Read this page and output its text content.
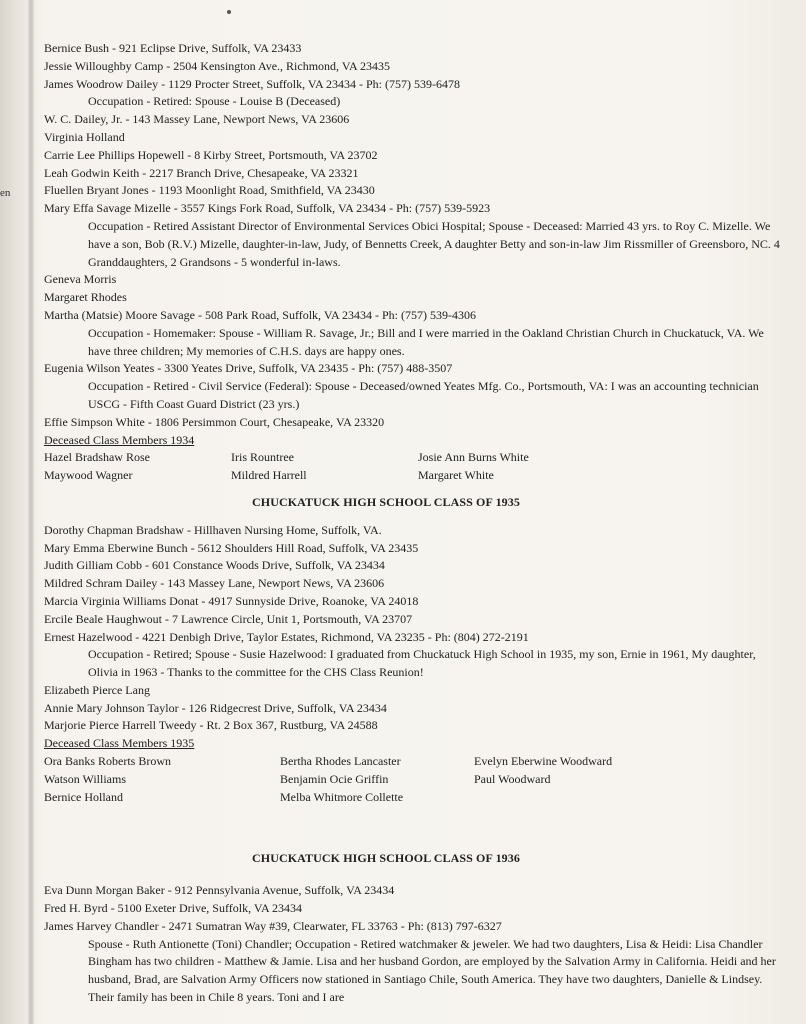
en
Bernice Bush - 921 Eclipse Drive, Suffolk, VA 23433
Jessie Willoughby Camp - 2504 Kensington Ave., Richmond, VA 23435
James Woodrow Dailey - 1129 Procter Street, Suffolk, VA 23434 - Ph: (757) 539-6478
Occupation - Retired: Spouse - Louise B (Deceased)
W. C. Dailey, Jr. - 143 Massey Lane, Newport News, VA 23606
Virginia Holland
Carrie Lee Phillips Hopewell - 8 Kirby Street, Portsmouth, VA 23702
Leah Godwin Keith - 2217 Branch Drive, Chesapeake, VA 23321
Fluellen Bryant Jones - 1193 Moonlight Road, Smithfield, VA 23430
Mary Effa Savage Mizelle - 3557 Kings Fork Road, Suffolk, VA 23434 - Ph: (757) 539-5923
Occupation - Retired Assistant Director of Environmental Services Obici Hospital; Spouse - Deceased: Married 43 yrs. to Roy C. Mizelle. We have a son, Bob (R.V.) Mizelle, daughter-in-law, Judy, of Bennetts Creek, A daughter Betty and son-in-law Jim Rissmiller of Greensboro, NC. 4 Granddaughters, 2 Grandsons - 5 wonderful in-laws.
Geneva Morris
Margaret Rhodes
Martha (Matsie) Moore Savage - 508 Park Road, Suffolk, VA 23434 - Ph: (757) 539-4306
Occupation - Homemaker: Spouse - William R. Savage, Jr.; Bill and I were married in the Oakland Christian Church in Chuckatuck, VA. We have three children; My memories of C.H.S. days are happy ones.
Eugenia Wilson Yeates - 3300 Yeates Drive, Suffolk, VA 23435 - Ph: (757) 488-3507
Occupation - Retired - Civil Service (Federal): Spouse - Deceased/owned Yeates Mfg. Co., Portsmouth, VA: I was an accounting technician USCG - Fifth Coast Guard District (23 yrs.)
Effie Simpson White - 1806 Persimmon Court, Chesapeake, VA 23320
Deceased Class Members 1934
Hazel Bradshaw Rose	Iris Rountree	Josie Ann Burns White
Maywood Wagner	Mildred Harrell	Margaret White
CHUCKATUCK HIGH SCHOOL CLASS OF 1935
Dorothy Chapman Bradshaw - Hillhaven Nursing Home, Suffolk, VA.
Mary Emma Eberwine Bunch - 5612 Shoulders Hill Road, Suffolk, VA 23435
Judith Gilliam Cobb - 601 Constance Woods Drive, Suffolk, VA 23434
Mildred Schram Dailey - 143 Massey Lane, Newport News, VA 23606
Marcia Virginia Williams Donat - 4917 Sunnyside Drive, Roanoke, VA 24018
Ercile Beale Haughwout - 7 Lawrence Circle, Unit 1, Portsmouth, VA 23707
Ernest Hazelwood - 4221 Denbigh Drive, Taylor Estates, Richmond, VA 23235 - Ph: (804) 272-2191
Occupation - Retired; Spouse - Susie Hazelwood: I graduated from Chuckatuck High School in 1935, my son, Ernie in 1961, My daughter, Olivia in 1963 - Thanks to the committee for the CHS Class Reunion!
Elizabeth Pierce Lang
Annie Mary Johnson Taylor - 126 Ridgecrest Drive, Suffolk, VA 23434
Marjorie Pierce Harrell Tweedy - Rt. 2 Box 367, Rustburg, VA 24588
Deceased Class Members 1935
Ora Banks Roberts Brown	Bertha Rhodes Lancaster	Evelyn Eberwine Woodward
Watson Williams	Benjamin Ocie Griffin	Paul Woodward
Bernice Holland	Melba Whitmore Collette
CHUCKATUCK HIGH SCHOOL CLASS OF 1936
Eva Dunn Morgan Baker - 912 Pennsylvania Avenue, Suffolk, VA 23434
Fred H. Byrd - 5100 Exeter Drive, Suffolk, VA 23434
James Harvey Chandler - 2471 Sumatran Way #39, Clearwater, FL 33763 - Ph: (813) 797-6327
Spouse - Ruth Antionette (Toni) Chandler; Occupation - Retired watchmaker & jeweler. We had two daughters, Lisa & Heidi: Lisa Chandler Bingham has two children - Matthew & Jamie. Lisa and her husband Gordon, are employed by the Salvation Army in California. Heidi and her husband, Brad, are Salvation Army Officers now stationed in Santiago Chile, South America. They have two daughters, Danielle & Lindsey. Their family has been in Chile 8 years. Toni and I are
